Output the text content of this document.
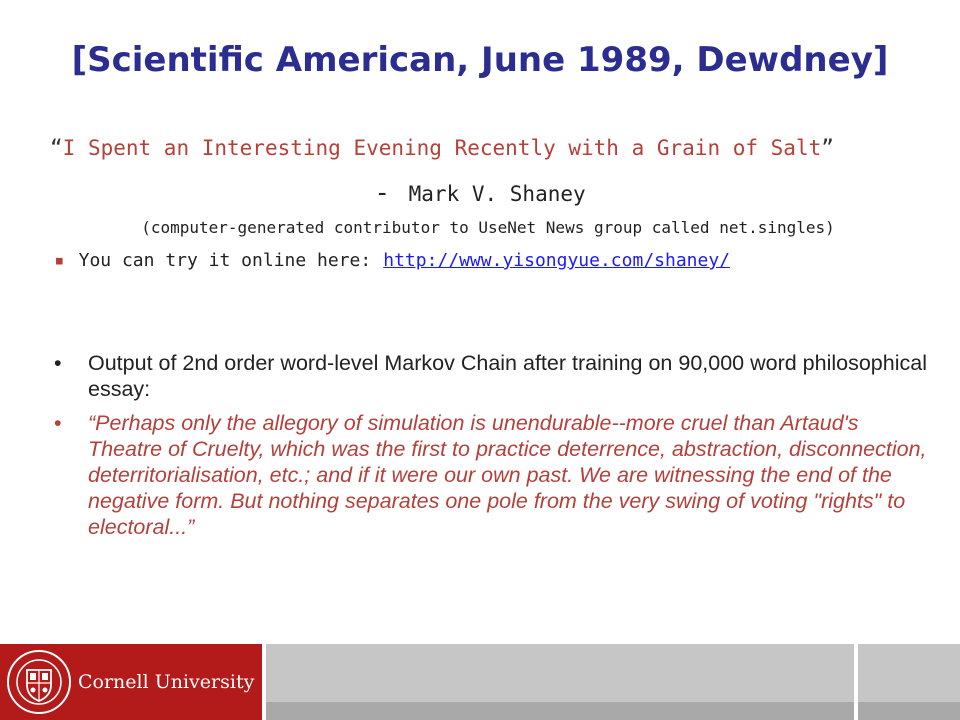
[Scientific American, June 1989, Dewdney]
“I Spent an Interesting Evening Recently with a Grain of Salt”
- Mark V. Shaney
(computer-generated contributor to UseNet News group called net.singles)
■ You can try it online here: http://www.yisongyue.com/shaney/
• Output of 2nd order word-level Markov Chain after training on 90,000 word philosophical essay:
• “Perhaps only the allegory of simulation is unendurable--more cruel than Artaud's Theatre of Cruelty, which was the first to practice deterrence, abstraction, disconnection, deterritorialisation, etc.; and if it were our own past. We are witnessing the end of the negative form. But nothing separates one pole from the very swing of voting "rights" to electoral...”
Cornell University
